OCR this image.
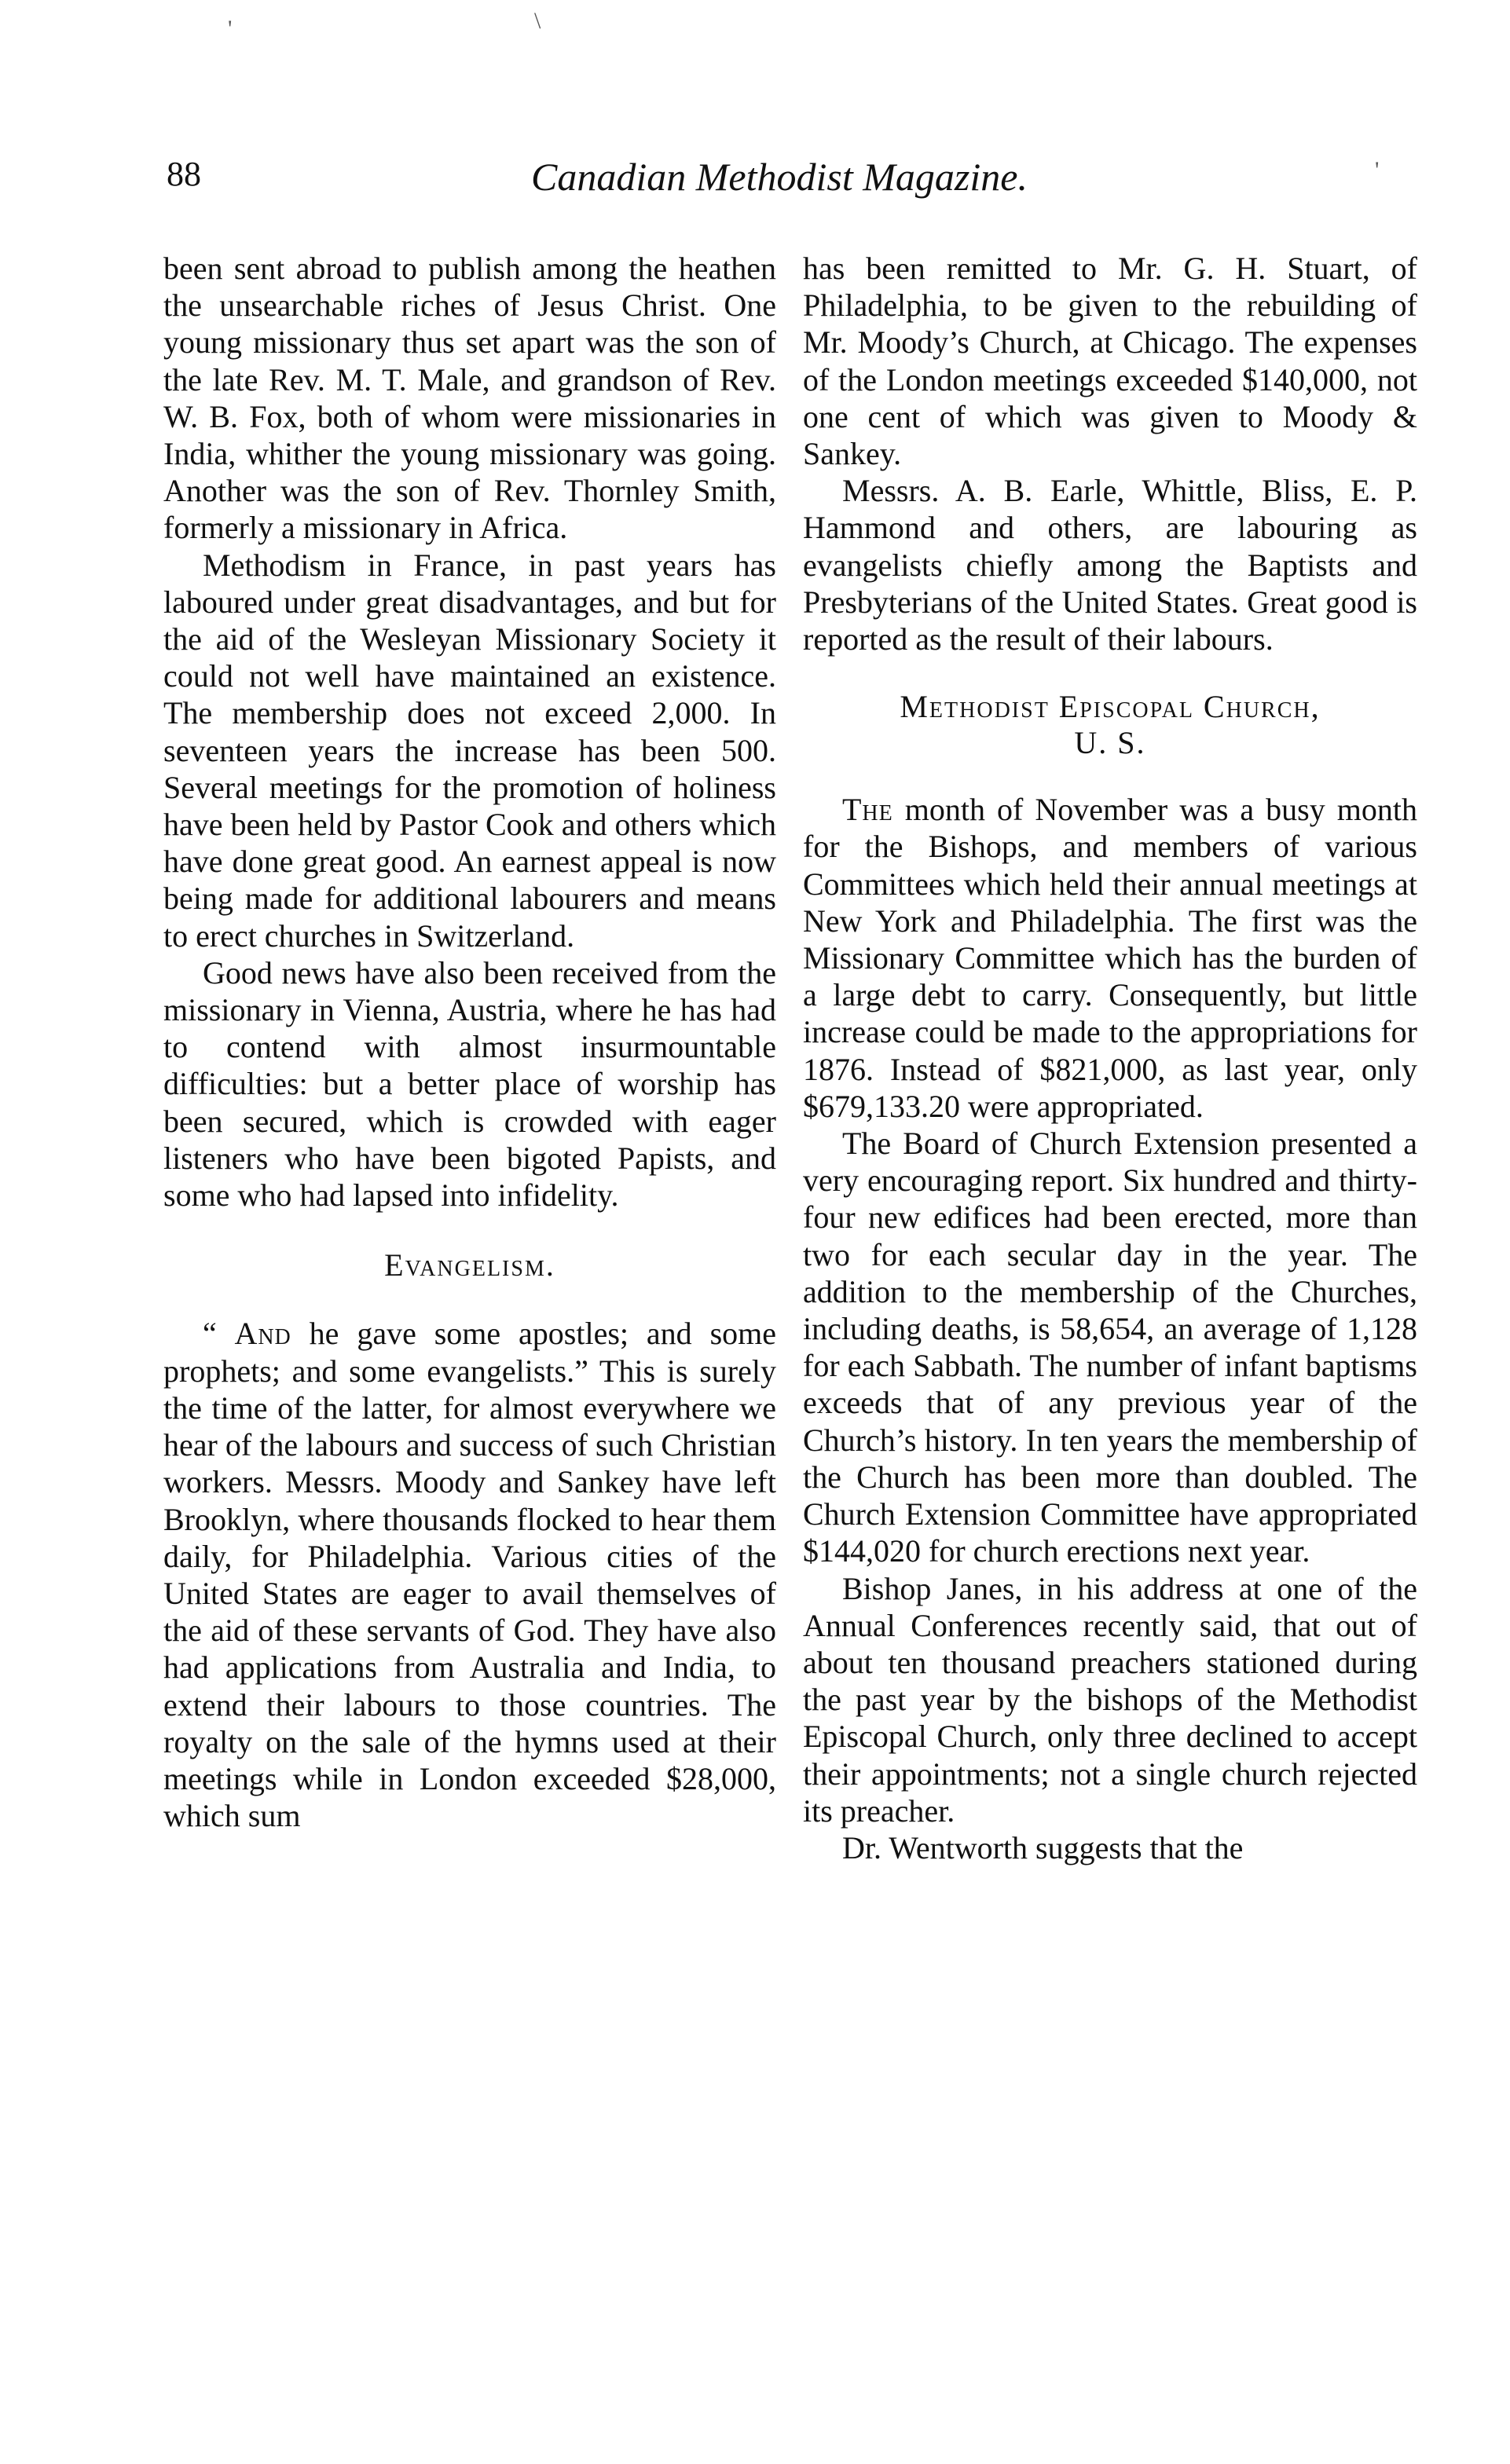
'	\
'
88	Canadian Methodist Magazine.

been sent abroad to publish among the heathen the unsearchable riches of Jesus Christ. One young missionary thus set apart was the son of the late Rev. M. T. Male, and grandson of Rev. W. B. Fox, both of whom were missionaries in India, whither the young missionary was going. Another was the son of Rev. Thornley Smith, formerly a missionary in Africa.

Methodism in France, in past years has laboured under great disadvantages, and but for the aid of the Wesleyan Missionary Society it could not well have maintained an existence. The membership does not exceed 2,000. In seventeen years the increase has been 500. Several meetings for the promotion of holiness have been held by Pastor Cook and others which have done great good. An earnest appeal is now being made for additional labourers and means to erect churches in Switzerland.

Good news have also been received from the missionary in Vienna, Austria, where he has had to contend with almost insurmountable difficulties: but a better place of worship has been secured, which is crowded with eager listeners who have been bigoted Papists, and some who had lapsed into infidelity.

Evangelism.

“ And he gave some apostles; and some prophets; and some evangelists.” This is surely the time of the latter, for almost everywhere we hear of the labours and success of such Christian workers. Messrs. Moody and Sankey have left Brooklyn, where thousands flocked to hear them daily, for Philadelphia. Various cities of the United States are eager to avail themselves of the aid of these servants of God. They have also had applications from Australia and India, to extend their labours to those countries. The royalty on the sale of the hymns used at their meetings while in London exceeded $28,000, which sum

has been remitted to Mr. G. H. Stuart, of Philadelphia, to be given to the rebuilding of Mr. Moody’s Church, at Chicago. The expenses of the London meetings exceeded $140,000, not one cent of which was given to Moody & Sankey.

Messrs. A. B. Earle, Whittle, Bliss, E. P. Hammond and others, are labouring as evangelists chiefly among the Baptists and Presbyterians of the United States. Great good is reported as the result of their labours.

Methodist Episcopal Church,
U. S.

The month of November was a busy month for the Bishops, and members of various Committees which held their annual meetings at New York and Philadelphia. The first was the Missionary Committee which has the burden of a large debt to carry. Consequently, but little increase could be made to the appropriations for 1876. Instead of $821,000, as last year, only $679,133.20 were appropriated.

The Board of Church Extension presented a very encouraging report. Six hundred and thirty-four new edifices had been erected, more than two for each secular day in the year. The addition to the membership of the Churches, including deaths, is 58,654, an average of 1,128 for each Sabbath. The number of infant baptisms exceeds that of any previous year of the Church’s history. In ten years the membership of the Church has been more than doubled. The Church Extension Committee have appropriated $144,020 for church erections next year.

Bishop Janes, in his address at one of the Annual Conferences recently said, that out of about ten thousand preachers stationed during the past year by the bishops of the Methodist Episcopal Church, only three declined to accept their appointments; not a single church rejected its preacher.

Dr. Wentworth suggests that the
